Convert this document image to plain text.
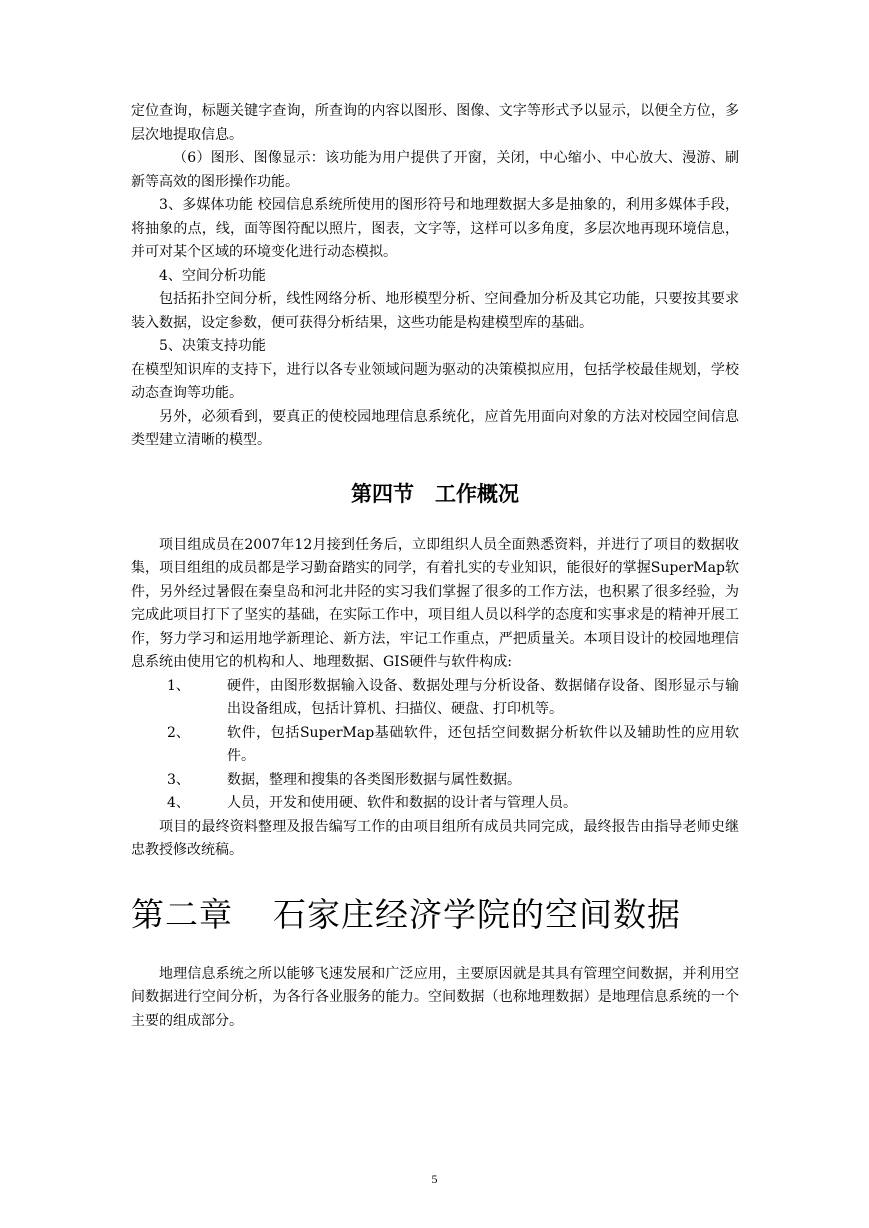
定位查询，标题关键字查询，所查询的内容以图形、图像、文字等形式予以显示，以便全方位，多层次地提取信息。

（6）图形、图像显示：该功能为用户提供了开窗，关闭，中心缩小、中心放大、漫游、刷新等高效的图形操作功能。

3、多媒体功能 校园信息系统所使用的图形符号和地理数据大多是抽象的，利用多媒体手段，将抽象的点，线，面等图符配以照片，图表，文字等，这样可以多角度，多层次地再现环境信息，并可对某个区域的环境变化进行动态模拟。

4、空间分析功能

包括拓扑空间分析，线性网络分析、地形模型分析、空间叠加分析及其它功能，只要按其要求装入数据，设定参数，便可获得分析结果，这些功能是构建模型库的基础。

5、决策支持功能

在模型知识库的支持下，进行以各专业领域问题为驱动的决策模拟应用，包括学校最佳规划，学校动态查询等功能。

另外，必须看到，要真正的使校园地理信息系统化，应首先用面向对象的方法对校园空间信息类型建立清晰的模型。

第四节　工作概况

项目组成员在2007年12月接到任务后，立即组织人员全面熟悉资料，并进行了项目的数据收集，项目组组的成员都是学习勤奋踏实的同学，有着扎实的专业知识，能很好的掌握SuperMap软件，另外经过暑假在秦皇岛和河北井陉的实习我们掌握了很多的工作方法，也积累了很多经验，为完成此项目打下了坚实的基础，在实际工作中，项目组人员以科学的态度和实事求是的精神开展工作，努力学习和运用地学新理论、新方法，牢记工作重点，严把质量关。本项目设计的校园地理信息系统由使用它的机构和人、地理数据、GIS硬件与软件构成:

1、	硬件，由图形数据输入设备、数据处理与分析设备、数据储存设备、图形显示与输出设备组成，包括计算机、扫描仪、硬盘、打印机等。
2、	软件，包括SuperMap基础软件，还包括空间数据分析软件以及辅助性的应用软件。
3、	数据，整理和搜集的各类图形数据与属性数据。
4、	人员，开发和使用硬、软件和数据的设计者与管理人员。

项目的最终资料整理及报告编写工作的由项目组所有成员共同完成，最终报告由指导老师史继忠教授修改统稿。

第二章 石家庄经济学院的空间数据

地理信息系统之所以能够飞速发展和广泛应用，主要原因就是其具有管理空间数据，并利用空间数据进行空间分析，为各行各业服务的能力。空间数据（也称地理数据）是地理信息系统的一个主要的组成部分。

5
